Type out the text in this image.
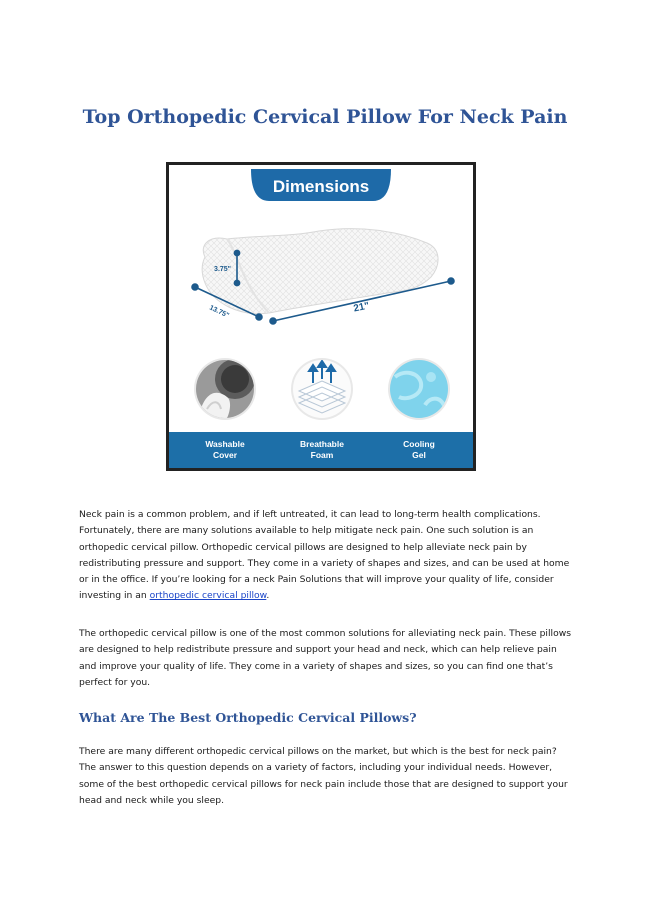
Top Orthopedic Cervical Pillow For Neck Pain
Dimensions
3.75"
13.75"	21"
Washable
Cover
Breathable
Foam
Cooling
Gel

Neck pain is a common problem, and if left untreated, it can lead to long-term health complications. Fortunately, there are many solutions available to help mitigate neck pain. One such solution is an orthopedic cervical pillow. Orthopedic cervical pillows are designed to help alleviate neck pain by redistributing pressure and support. They come in a variety of shapes and sizes, and can be used at home or in the office. If you’re looking for a neck Pain Solutions that will improve your quality of life, consider investing in an orthopedic cervical pillow.

The orthopedic cervical pillow is one of the most common solutions for alleviating neck pain. These pillows are designed to help redistribute pressure and support your head and neck, which can help relieve pain and improve your quality of life. They come in a variety of shapes and sizes, so you can find one that’s perfect for you.

What Are The Best Orthopedic Cervical Pillows?

There are many different orthopedic cervical pillows on the market, but which is the best for neck pain? The answer to this question depends on a variety of factors, including your individual needs. However, some of the best orthopedic cervical pillows for neck pain include those that are designed to support your head and neck while you sleep.
